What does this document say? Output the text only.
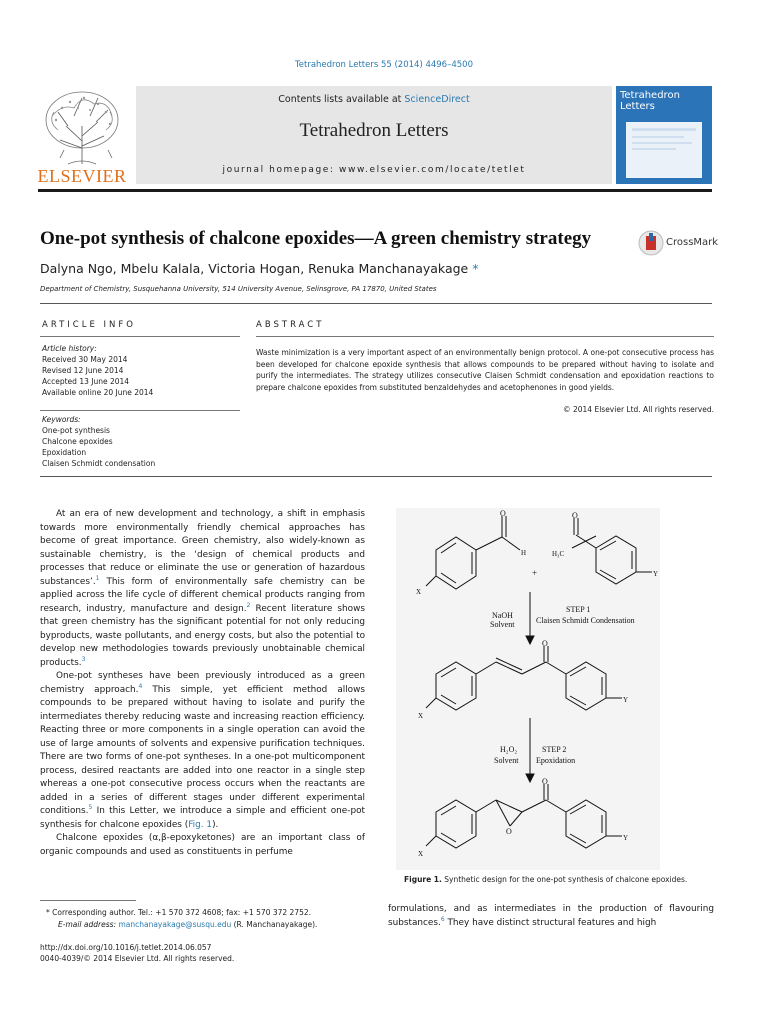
Tetrahedron Letters 55 (2014) 4496–4500
ELSEVIER
Contents lists available at ScienceDirect
Tetrahedron Letters
journal homepage: www.elsevier.com/locate/tetlet
Tetrahedron Letters
One-pot synthesis of chalcone epoxides—A green chemistry strategy	CrossMark
Dalyna Ngo, Mbelu Kalala, Victoria Hogan, Renuka Manchanayakage *
Department of Chemistry, Susquehanna University, 514 University Avenue, Selinsgrove, PA 17870, United States
ARTICLE INFO
Article history:
Received 30 May 2014
Revised 12 June 2014
Accepted 13 June 2014
Available online 20 June 2014
Keywords:
One-pot synthesis
Chalcone epoxides
Epoxidation
Claisen Schmidt condensation
ABSTRACT
Waste minimization is a very important aspect of an environmentally benign protocol. A one-pot consecutive process has been developed for chalcone epoxide synthesis that allows compounds to be prepared without having to isolate and purify the intermediates. The strategy utilizes consecutive Claisen Schmidt condensation and epoxidation reactions to prepare chalcone epoxides from substituted benzaldehydes and acetophenones in good yields.
© 2014 Elsevier Ltd. All rights reserved.

At an era of new development and technology, a shift in emphasis towards more environmentally friendly chemical approaches has become of great importance. Green chemistry, also widely-known as sustainable chemistry, is the ‘design of chemical products and processes that reduce or eliminate the use or generation of hazardous substances’.$^1$ This form of environmentally safe chemistry can be applied across the life cycle of different chemical products ranging from research, industry, manufacture and design.$^2$ Recent literature shows that green chemistry has the significant potential for not only reducing byproducts, waste pollutants, and energy costs, but also the potential to develop new methodologies towards previously unobtainable chemical products.$^3$

One-pot syntheses have been previously introduced as a green chemistry approach.$^4$ This simple, yet efficient method allows compounds to be prepared without having to isolate and purify the intermediates thereby reducing waste and increasing reaction efficiency. Reacting three or more components in a single operation can avoid the use of large amounts of solvents and expensive purification techniques. There are two forms of one-pot syntheses. In a one-pot multicomponent process, desired reactants are added into one reactor in a single step whereas a one-pot consecutive process occurs when the reactants are added in a series of different stages under different experimental conditions.$^5$ In this Letter, we introduce a simple and efficient one-pot synthesis for chalcone epoxides (Fig. 1).

Chalcone epoxides (α,β-epoxyketones) are an important class of organic compounds and used as constituents in perfume

O
H
X
+
O
H₃C
Y
NaOH
Solvent
STEP 1
Claisen Schmidt Condensation
O
X
Y
H₂O₂
Solvent
STEP 2
Epoxidation
O
O
X
Y
Figure 1. Synthetic design for the one-pot synthesis of chalcone epoxides.
formulations, and as intermediates in the production of flavouring substances.$^6$ They have distinct structural features and high
* Corresponding author. Tel.: +1 570 372 4608; fax: +1 570 372 2752.
E-mail address: manchanayakage@susqu.edu (R. Manchanayakage).
http://dx.doi.org/10.1016/j.tetlet.2014.06.057
0040-4039/© 2014 Elsevier Ltd. All rights reserved.
